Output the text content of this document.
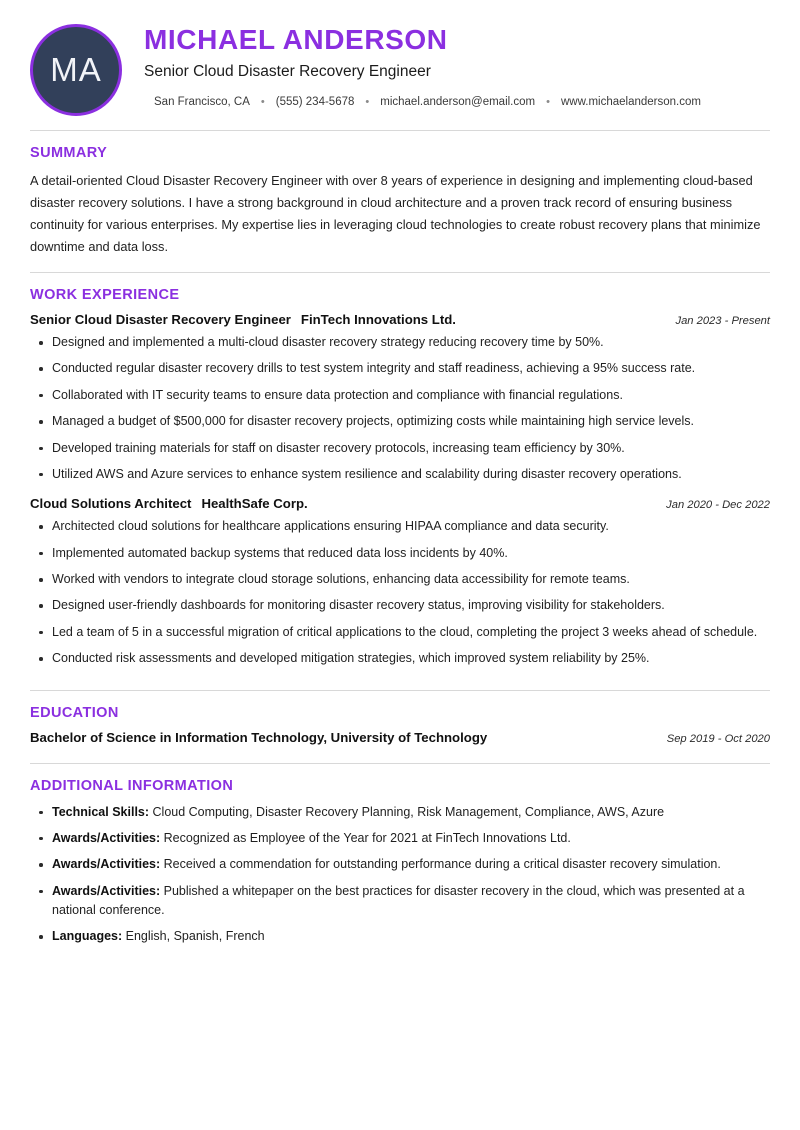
MA
MICHAEL ANDERSON
Senior Cloud Disaster Recovery Engineer
San Francisco, CA • (555) 234-5678 • michael.anderson@email.com • www.michaelanderson.com
SUMMARY

A detail-oriented Cloud Disaster Recovery Engineer with over 8 years of experience in designing and implementing cloud-based disaster recovery solutions. I have a strong background in cloud architecture and a proven track record of ensuring business continuity for various enterprises. My expertise lies in leveraging cloud technologies to create robust recovery plans that minimize downtime and data loss.

WORK EXPERIENCE
Senior Cloud Disaster Recovery Engineer FinTech Innovations Ltd.	Jan 2023 - Present
Designed and implemented a multi-cloud disaster recovery strategy reducing recovery time by 50%.
Conducted regular disaster recovery drills to test system integrity and staff readiness, achieving a 95% success rate.
Collaborated with IT security teams to ensure data protection and compliance with financial regulations.
Managed a budget of $500,000 for disaster recovery projects, optimizing costs while maintaining high service levels.
Developed training materials for staff on disaster recovery protocols, increasing team efficiency by 30%.
Utilized AWS and Azure services to enhance system resilience and scalability during disaster recovery operations.
Cloud Solutions Architect HealthSafe Corp.	Jan 2020 - Dec 2022
Architected cloud solutions for healthcare applications ensuring HIPAA compliance and data security.
Implemented automated backup systems that reduced data loss incidents by 40%.
Worked with vendors to integrate cloud storage solutions, enhancing data accessibility for remote teams.
Designed user-friendly dashboards for monitoring disaster recovery status, improving visibility for stakeholders.
Led a team of 5 in a successful migration of critical applications to the cloud, completing the project 3 weeks ahead of schedule.
Conducted risk assessments and developed mitigation strategies, which improved system reliability by 25%.
EDUCATION
Bachelor of Science in Information Technology, University of Technology	Sep 2019 - Oct 2020
ADDITIONAL INFORMATION
Technical Skills: Cloud Computing, Disaster Recovery Planning, Risk Management, Compliance, AWS, Azure
Awards/Activities: Recognized as Employee of the Year for 2021 at FinTech Innovations Ltd.
Awards/Activities: Received a commendation for outstanding performance during a critical disaster recovery simulation.
Awards/Activities: Published a whitepaper on the best practices for disaster recovery in the cloud, which was presented at a national conference.
Languages: English, Spanish, French
